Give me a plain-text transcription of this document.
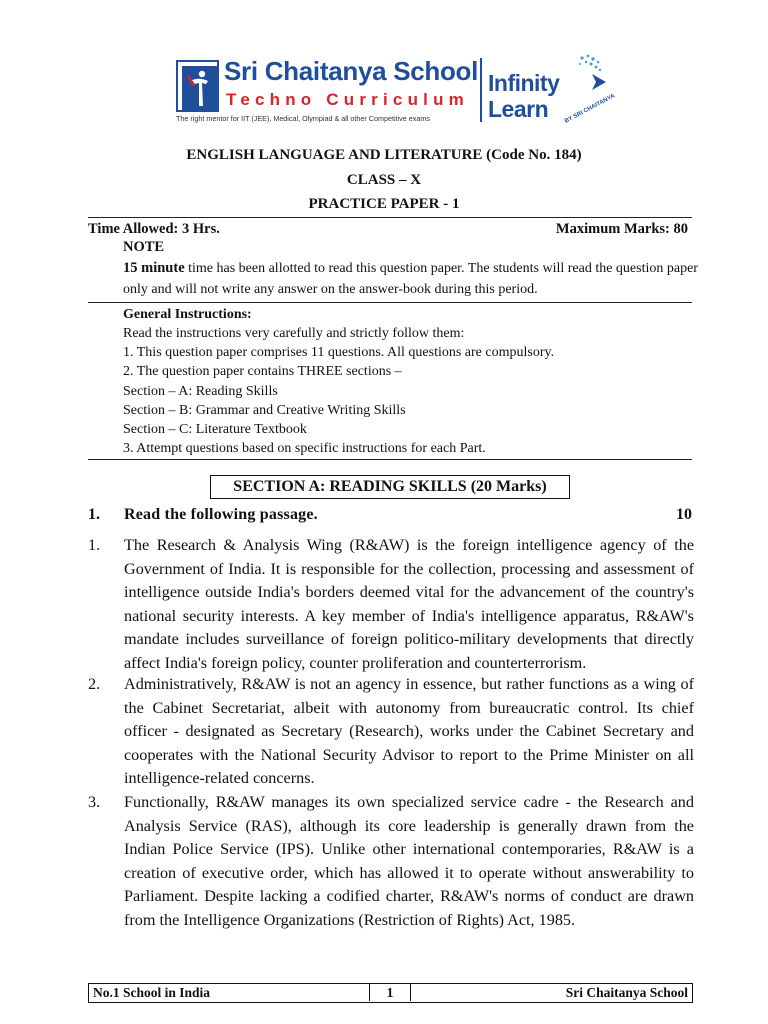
Sri Chaitanya School
Techno Curriculum
The right mentor for IIT (JEE), Medical, Olympiad & all other Competitive exams
Infinity
Learn	BY SRI CHAITANYA
ENGLISH LANGUAGE AND LITERATURE (Code No. 184)
CLASS – X
PRACTICE PAPER - 1
Time Allowed: 3 Hrs.	Maximum Marks: 80
NOTE
15 minute time has been allotted to read this question paper. The students will read the question paper only and will not write any answer on the answer-book during this period.
General Instructions:
Read the instructions very carefully and strictly follow them:
1. This question paper comprises 11 questions. All questions are compulsory.
2. The question paper contains THREE sections –
Section – A: Reading Skills
Section – B: Grammar and Creative Writing Skills
Section – C: Literature Textbook
3. Attempt questions based on specific instructions for each Part.
SECTION A: READING SKILLS (20 Marks)
1. Read the following passage.	10
1. The Research & Analysis Wing (R&AW) is the foreign intelligence agency of the Government of India. It is responsible for the collection, processing and assessment of intelligence outside India's borders deemed vital for the advancement of the country's national security interests. A key member of India's intelligence apparatus, R&AW's mandate includes surveillance of foreign politico-military developments that directly affect India's foreign policy, counter proliferation and counterterrorism.
2. Administratively, R&AW is not an agency in essence, but rather functions as a wing of the Cabinet Secretariat, albeit with autonomy from bureaucratic control. Its chief officer - designated as Secretary (Research), works under the Cabinet Secretary and cooperates with the National Security Advisor to report to the Prime Minister on all intelligence-related concerns.
3. Functionally, R&AW manages its own specialized service cadre - the Research and Analysis Service (RAS), although its core leadership is generally drawn from the Indian Police Service (IPS). Unlike other international contemporaries, R&AW is a creation of executive order, which has allowed it to operate without answerability to Parliament. Despite lacking a codified charter, R&AW's norms of conduct are drawn from the Intelligence Organizations (Restriction of Rights) Act, 1985.
No.1 School in India	1	Sri Chaitanya School
